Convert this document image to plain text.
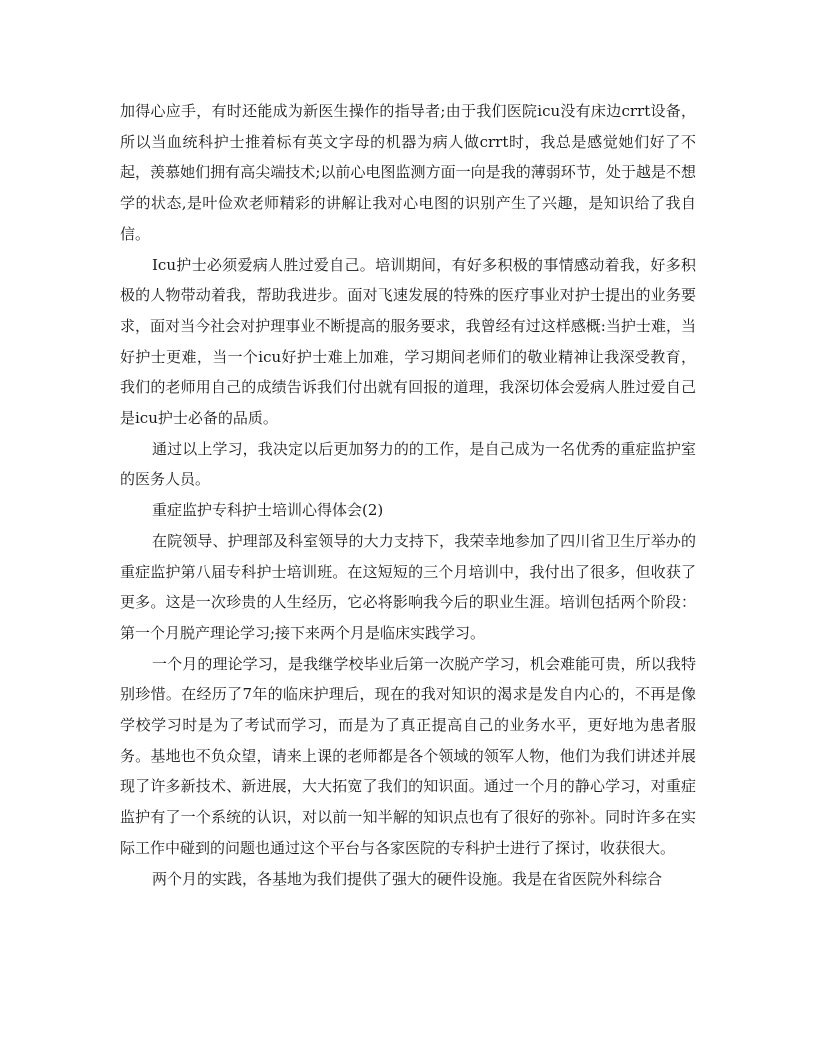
加得心应手，有时还能成为新医生操作的指导者;由于我们医院icu没有床边crrt设备，所以当血统科护士推着标有英文字母的机器为病人做crrt时，我总是感觉她们好了不起，羡慕她们拥有高尖端技术;以前心电图监测方面一向是我的薄弱环节，处于越是不想学的状态,是叶俭欢老师精彩的讲解让我对心电图的识别产生了兴趣，是知识给了我自信。

Icu护士必须爱病人胜过爱自己。培训期间，有好多积极的事情感动着我，好多积极的人物带动着我，帮助我进步。面对飞速发展的特殊的医疗事业对护士提出的业务要求，面对当今社会对护理事业不断提高的服务要求，我曾经有过这样感概:当护士难，当好护士更难，当一个icu好护士难上加难，学习期间老师们的敬业精神让我深受教育，我们的老师用自己的成绩告诉我们付出就有回报的道理，我深切体会爱病人胜过爱自己是icu护士必备的品质。

通过以上学习，我决定以后更加努力的的工作，是自己成为一名优秀的重症监护室的医务人员。

重症监护专科护士培训心得体会(2)

在院领导、护理部及科室领导的大力支持下，我荣幸地参加了四川省卫生厅举办的重症监护第八届专科护士培训班。在这短短的三个月培训中，我付出了很多，但收获了更多。这是一次珍贵的人生经历，它必将影响我今后的职业生涯。培训包括两个阶段：第一个月脱产理论学习;接下来两个月是临床实践学习。

一个月的理论学习，是我继学校毕业后第一次脱产学习，机会难能可贵，所以我特别珍惜。在经历了7年的临床护理后，现在的我对知识的渴求是发自内心的，不再是像学校学习时是为了考试而学习，而是为了真正提高自己的业务水平，更好地为患者服务。基地也不负众望，请来上课的老师都是各个领域的领军人物，他们为我们讲述并展现了许多新技术、新进展，大大拓宽了我们的知识面。通过一个月的静心学习，对重症监护有了一个系统的认识，对以前一知半解的知识点也有了很好的弥补。同时许多在实际工作中碰到的问题也通过这个平台与各家医院的专科护士进行了探讨，收获很大。

两个月的实践，各基地为我们提供了强大的硬件设施。我是在省医院外科综合
